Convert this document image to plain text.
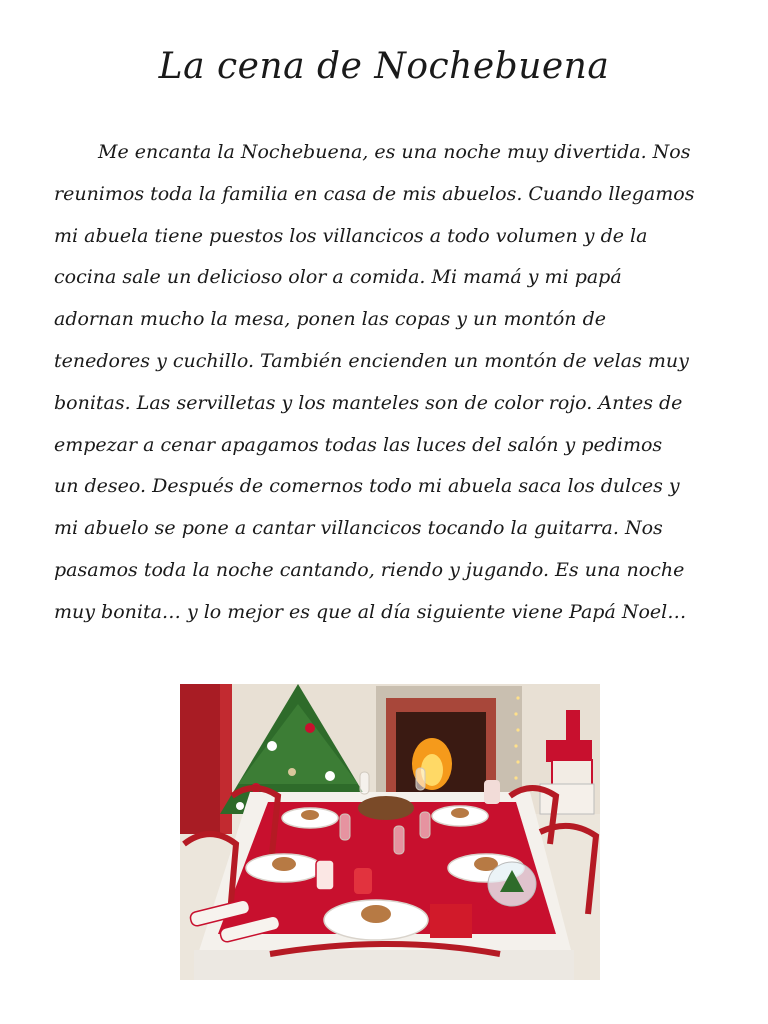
La cena de Nochebuena
Me encanta la Nochebuena, es una noche muy divertida. Nos
reunimos toda la familia en casa de mis abuelos. Cuando llegamos
mi abuela tiene puestos los villancicos a todo volumen y de la
cocina sale un delicioso olor a comida. Mi mamá y mi papá
adornan mucho la mesa, ponen las copas y un montón de
tenedores y cuchillo. También encienden un montón de velas muy
bonitas. Las servilletas y los manteles son de color rojo. Antes de
empezar a cenar apagamos todas las luces del salón y pedimos
un deseo. Después de comernos todo mi abuela saca los dulces y
mi abuelo se pone a cantar villancicos tocando la guitarra. Nos
pasamos toda la noche cantando, riendo y jugando. Es una noche
muy bonita… y lo mejor es que al día siguiente viene Papá Noel…
